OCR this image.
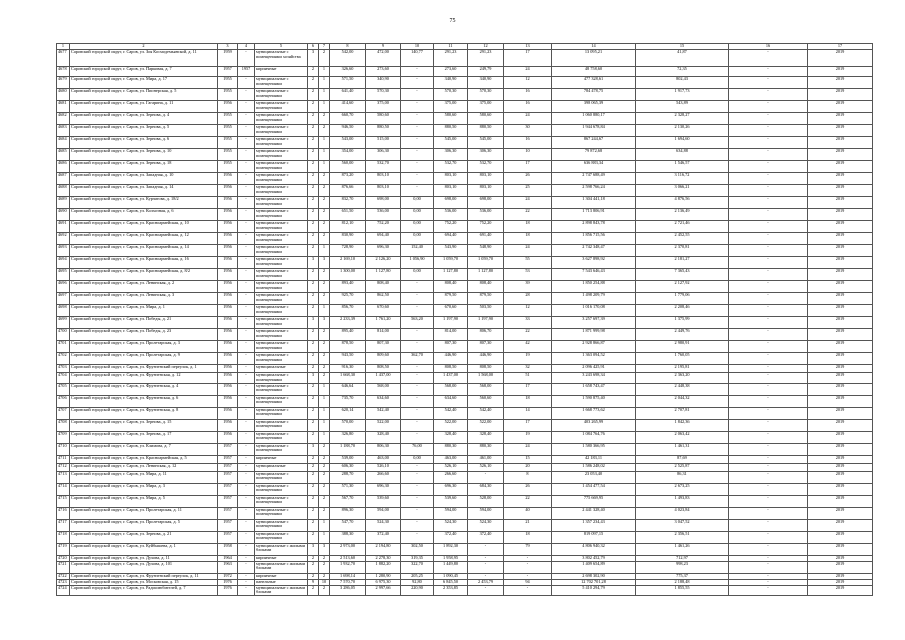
75
1	2	3	4	5	6	7	8	9	10	11	12	13	14	15	16	17
4677	Саровский городской округ, г. Саров, ул. Зоя Космодемьянской, д. 11	1959	-	муниципальные с помещениями хозяйства	3	2	542,00	472,00	140,77	291,23	291,23	17	13 095,21	41,87	-	2019
4678	Саровский городской округ, г. Саров, ул. Парковая, д. 7	1957	1957	кирпичные	2	1	326,60	273,60	-	273,60	249,79	24	48 758,60	72,35	-	2019
4679	Саровский городской округ, г. Саров, ул. Мира, д. 17	1955	-	муниципальные с помещениями	2	1	571,50	340,90	-	340,90	340,90	12	477 328,61	802,43	-	2019
4680	Саровский городской округ, г. Саров, ул. Пионерская, д. 5	1955	-	муниципальные с помещениями	2	1	641,40	570,30	-	570,30	570,30	16	784 478,75	1 917,73	-	2019
4681	Саровский городской округ, г. Саров, ул. Гагарина, д. 11	1956	-	муниципальные с помещениями	2	1	414,60	375,00	-	375,00	375,00	16	398 065,39	543,89	-	2019
4682	Саровский городской округ, г. Саров, ул. Зернова, д. 4	1955	-	муниципальные с помещениями	2	2	660,70	580,60	-	580,60	580,60	24	1 060 880,17	2 328,27	-	2019
4683	Саровский городской округ, г. Саров, ул. Зернова, д. 5	1955	-	муниципальные с помещениями	2	2	946,50	880,50	-	880,50	880,50	30	1 944 678,84	2 130,26	-	2019
4684	Саровский городской округ, г. Саров, ул. Зернова, д. 6	1955	-	муниципальные с помещениями	2	1	543,00	515,00	-	545,00	545,00	16	867 244,67	1 694,60	-	2019
4685	Саровский городской округ, г. Саров, ул. Зернова, д. 10	1955	-	муниципальные с помещениями	2	1	354,00	306,30	-	306,30	306,30	10	79 872,68	634,88	-	2019
4686	Саровский городской округ, г. Саров, ул. Зернова, д. 18	1955	-	муниципальные с помещениями	2	1	560,00	532,70	-	532,70	532,70	17	636 883,34	1 546,57	-	2019
4687	Саровский городской округ, г. Саров, ул. Западная, д. 10	1956	-	муниципальные с помещениями	2	2	873,20	803,10	-	803,10	803,10	26	2 747 688,49	3 116,72	-	2019
4688	Саровский городской округ, г. Саров, ул. Западная, д. 14	1956	-	муниципальные с помещениями	2	2	876,66	803,10	-	803,10	803,10	25	2 598 766,24	3 066,21	-	2019
4689	Саровский городской округ, г. Саров, ул. Курчатова, д. 18/2	1956	-	муниципальные с помещениями	2	2	832,70	698,00	0,00	698,00	698,00	24	1 304 441,18	4 876,56	-	2019
4690	Саровский городской округ, г. Саров, ул. Колхозная, д. 6	1956	-	муниципальные с помещениями	2	2	651,50	536,00	0,00	536,00	536,00	22	1 713 806,91	2 136,49	-	2019
4691	Саровский городской округ, г. Саров, ул. Красноармейская, д. 10	1956	-	муниципальные с помещениями	2	2	812,10	752,20	0,00	752,20	752,20	18	2 898 843,78	2 721,46	-	2019
4692	Саровский городской округ, г. Саров, ул. Красноармейская, д. 12	1956	-	муниципальные с помещениями	2	2	830,90	694,40	0,00	694,40	691,40	18	1 856 715,56	2 452,55	-	2019
4693	Саровский городской округ, г. Саров, ул. Красноармейская, д. 14	1956	-	муниципальные с помещениями	2	1	728,90	696,30	152,40	543,90	548,90	24	2 742 348,47	2 370,81	-	2019
4694	Саровский городской округ, г. Саров, ул. Красноармейская, д. 16	1956	-	муниципальные с помещениями	3	3	2 169,10	2 126,20	1 056,90	1 059,70	1 059,70	55	3 627 898,92	2 181,27	-	2019
4695	Саровский городской округ, г. Саров, ул. Красноармейская, д. 8/2	1956	-	муниципальные с помещениями	2	2	1 300,00	1 127,80	0,00	1 127,80	1 127,80	53	7 543 646,43	7 365,43	-	2019
4696	Саровский городской округ, г. Саров, ул. Ленинская, д. 2	1956	-	муниципальные с помещениями	2	2	893,40	808,40	-	808,40	808,40	39	1 850 254,88	2 127,92	-	2019
4697	Саровский городской округ, г. Саров, ул. Ленинская, д. 3	1956	-	муниципальные с помещениями	2	2	925,70	862,50	-	879,50	879,50	28	1 498 209,79	1 779,06	-	2019
4698	Саровский городской округ, г. Саров, ул. Мира, д. 1	1956	-	муниципальные с помещениями	2	1	856,70	670,60	-	670,60	503,50	12	1 016 170,08	2 208,46	-	2019
4699	Саровский городской округ, г. Саров, ул. Победы, д. 21	1956	-	муниципальные с помещениями	3	3	2 233,39	1 761,20	563,20	1 197,90	1 197,90	33	3 257 697,39	1 375,99	-	2019
4700	Саровский городской округ, г. Саров, ул. Победы, д. 23	1956	-	муниципальные с помещениями	2	2	895,40	814,00	-	814,00	806,70	22	1 871 999,98	2 449,76	-	2019
4701	Саровский городской округ, г. Саров, ул. Пролетарская, д. 3	1956	-	муниципальные с помещениями	2	2	878,50	807,30	-	807,30	807,30	42	2 928 866,87	2 980,91	-	2019
4702	Саровский городской округ, г. Саров, ул. Пролетарская, д. 9	1956	-	муниципальные с помещениями	2	2	943,50	809,60	362,70	446,90	446,90	19	1 363 094,52	1 760,05	-	2019
4703	Саровский городской округ, г. Саров, ул. Фрунзенский переулок, д. 1	1956	-	муниципальные	2	2	916,30	808,50	-	808,50	808,50	32	2 096 425,91	2 195,81	-	2019
4704	Саровский городской округ, г. Саров, ул. Фрунзенская, д. 12	1956	-	муниципальные с помещениями	3	2	1 668,30	1 437,00	-	1 437,00	1 568,00	51	3 243 698,34	2 363,20	-	2019
4705	Саровский городской округ, г. Саров, ул. Фрунзенская, д. 4	1956	-	муниципальные с помещениями	2	1	646,64	568,00	-	568,00	568,00	17	1 658 743,47	2 448,38	-	2019
4706	Саровский городской округ, г. Саров, ул. Фрунзенская, д. 6	1956	-	муниципальные с помещениями	2	1	735,70	634,60	-	634,60	560,60	18	1 590 875,40	2 044,32	-	2019
4707	Саровский городской округ, г. Саров, ул. Фрунзенская, д. 8	1956	-	муниципальные с помещениями	2	1	620,14	542,40	-	542,40	542,40	14	1 668 773,62	2 707,81	-	2019
4708	Саровский городской округ, г. Саров, ул. Зернова, д. 15	1956	-	муниципальные с помещениями	2	1	570,00	522,00	-	522,00	522,00	17	403 265,99	1 842,36	-	2019
4709	Саровский городской округ, г. Саров, ул. Зернова, д. 17	1956	-	муниципальные с помещениями	2	1	326,80	328,40	-	328,40	328,40	19	1 084 764,76	2 063,42	-	2019
4710	Саровский городской округ, г. Саров, ул. Климова, д. 7	1957	-	муниципальные с помещениями	3	2	1 188,70	806,30	76,00	880,30	880,30	24	1 580 366,95	1 461,31	-	2019
4711	Саровский городской округ, г. Саров, ул. Красноармейская, д. 5	1957	-	кирпичные	2	2	539,00	463,00	0,00	463,00	461,00	15	42 183,11	87,69	-	2019
4712	Саровский городской округ, г. Саров, ул. Ленинская, д. 12	1957	-	муниципальные	2	2	606,30	526,10	-	526,10	526,10	20	1 586 248,02	2 525,87	-	2019
4713	Саровский городской округ, г. Саров, ул. Мира, д. 11	1957	-	муниципальные с помещениями	2	2	288,70	266,60	-	266,60	-	8	23 053,40	86,31	-	2019
4714	Саровский городской округ, г. Саров, ул. Мира, д. 3	1957	-	муниципальные с помещениями	2	2	571,30	696,30	-	696,30	684,30	26	1 454 477,54	2 673,25	-	2019
4715	Саровский городской округ, г. Саров, ул. Мира, д. 5	1957	-	муниципальные с помещениями	2	2	567,70	539,60	-	539,60	528,00	22	775 669,95	1 493,83	-	2019
4716	Саровский городской округ, г. Саров, ул. Пролетарская, д. 11	1957	-	муниципальные с помещениями	2	2	896,30	594,00	-	594,00	594,00	40	2 441 328,40	4 023,84	-	2019
4717	Саровский городской округ, г. Саров, ул. Пролетарская, д. 5	1957	-	муниципальные с помещениями	2	1	547,70	524,30	-	524,30	524,30	21	1 357 234,43	3 047,52	-	2019
4718	Саровский городской округ, г. Саров, ул. Зернова, д. 21	1957	-	муниципальные с помещениями	2	1	388,30	372,40	-	372,40	372,40	18	819 097,15	2 356,51	-	2019
4719	Саровский городской округ, г. Саров, ул. Куйбышева, д. 1	1958	-	муниципальные с жилыми блоками	3	3	2 973,00	2 194,80	302,50	1 892,30	-	79	4 806 940,32	1 461,26	-	2019
4720	Саровский городской округ, г. Саров, ул. Духова, д. 11	1964	-	кирпичные	2	2	2 513,60	2 278,30	319,35	1 958,95	-	-	3 802 452,79	712,97	-	2019
4721	Саровский городской округ, г. Саров, ул. Духова, д. 101	1963	-	муниципальные с жилыми блоками	2	2	1 932,70	1 882,20	322,70	1 449,80	-	-	1 409 654,89	998,23	-	2019
4722	Саровский городской округ, г. Саров, ул. Фрунзенский переулок, д. 11	1972	-	кирпичные	2	2	1 698,14	1 280,90	205,25	1 090,45	-	-	2 698 302,90	775,37	-	2019
4723	Саровский городской округ, г. Саров, ул. Московская, д. 15	1976	-	панельные	9	10	7 570,70	6 975,30	92,80	6 845,50	2 453,79	94	12 702 701,28	2 188,48	-	2019
4724	Саровский городской округ, г. Саров, ул. Радиолюбителей, д. 7	1976	-	муниципальные с жилыми блоками	2	2	3 286,05	2 997,66	220,90	2 353,85	-	-	5 410 294,79	1 855,55	-	2019
